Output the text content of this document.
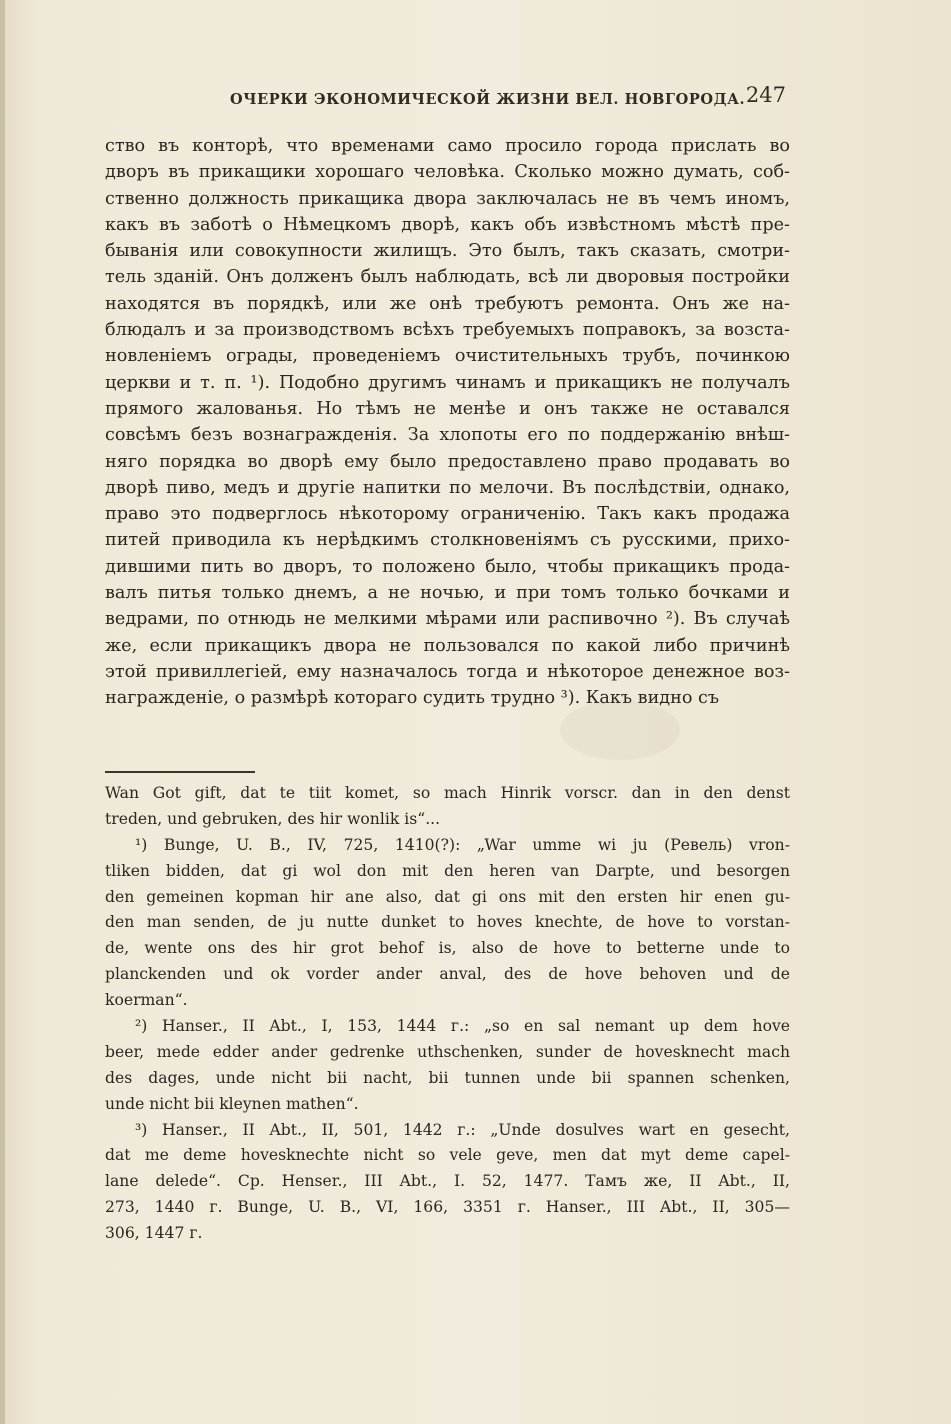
ОЧЕРКИ ЭКОНОМИЧЕСКОЙ ЖИЗНИ ВЕЛ. НОВГОРОДА. 247
ство въ конторѣ, что временами само просило города прислать во
дворъ въ прикащики хорошаго человѣка. Сколько можно думать, соб-
ственно должность прикащика двора заключалась не въ чемъ иномъ,
какъ въ заботѣ о Нѣмецкомъ дворѣ, какъ объ извѣстномъ мѣстѣ пре-
быванія или совокупности жилищъ. Это былъ, такъ сказать, смотри-
тель зданій. Онъ долженъ былъ наблюдать, всѣ ли дворовыя постройки
находятся въ порядкѣ, или же онѣ требуютъ ремонта. Онъ же на-
блюдалъ и за производствомъ всѣхъ требуемыхъ поправокъ, за возста-
новленіемъ ограды, проведеніемъ очистительныхъ трубъ, починкою
церкви и т. п. ¹). Подобно другимъ чинамъ и прикащикъ не получалъ
прямого жалованья. Но тѣмъ не менѣе и онъ также не оставался
совсѣмъ безъ вознагражденія. За хлопоты его по поддержанію внѣш-
няго порядка во дворѣ ему было предоставлено право продавать во
дворѣ пиво, медъ и другіе напитки по мелочи. Въ послѣдствіи, однако,
право это подверглось нѣкоторому ограниченію. Такъ какъ продажа
питей приводила къ нерѣдкимъ столкновеніямъ съ русскими, прихо-
дившими пить во дворъ, то положено было, чтобы прикащикъ прода-
валъ питья только днемъ, а не ночью, и при томъ только бочками и
ведрами, по отнюдь не мелкими мѣрами или распивочно ²). Въ случаѣ
же, если прикащикъ двора не пользовался по какой либо причинѣ
этой привиллегіей, ему назначалось тогда и нѣкоторое денежное воз-
награжденіе, о размѣрѣ котораго судить трудно ³). Какъ видно съ
Wan Got gift, dat te tiit komet, so mach Hinrik vorscr. dan in den denst
treden, und gebruken, des hir wonlik is“...
¹) Bunge, U. B., IV, 725, 1410(?): „War umme wi ju (Ревель) vron-
tliken bidden, dat gi wol don mit den heren van Darpte, und besorgen
den gemeinen kopman hir ane also, dat gi ons mit den ersten hir enen gu-
den man senden, de ju nutte dunket to hoves knechte, de hove to vorstan-
de, wente ons des hir grot behof is, also de hove to betterne unde to
planckenden und ok vorder ander anval, des de hove behoven und de
koerman“.
²) Hanser., II Abt., I, 153, 1444 г.: „so en sal nemant up dem hove
beer, mede edder ander gedrenke uthschenken, sunder de hovesknecht mach
des dages, unde nicht bii nacht, bii tunnen unde bii spannen schenken,
unde nicht bii kleynen mathen“.
³) Hanser., II Abt., II, 501, 1442 г.: „Unde dosulves wart en gesecht,
dat me deme hovesknechte nicht so vele geve, men dat myt deme capel-
lane delede“. Ср. Henser., III Abt., I. 52, 1477. Тамъ же, II Abt., II,
273, 1440 г. Bunge, U. B., VI, 166, 3351 г. Hanser., III Abt., II, 305—
306, 1447 г.
